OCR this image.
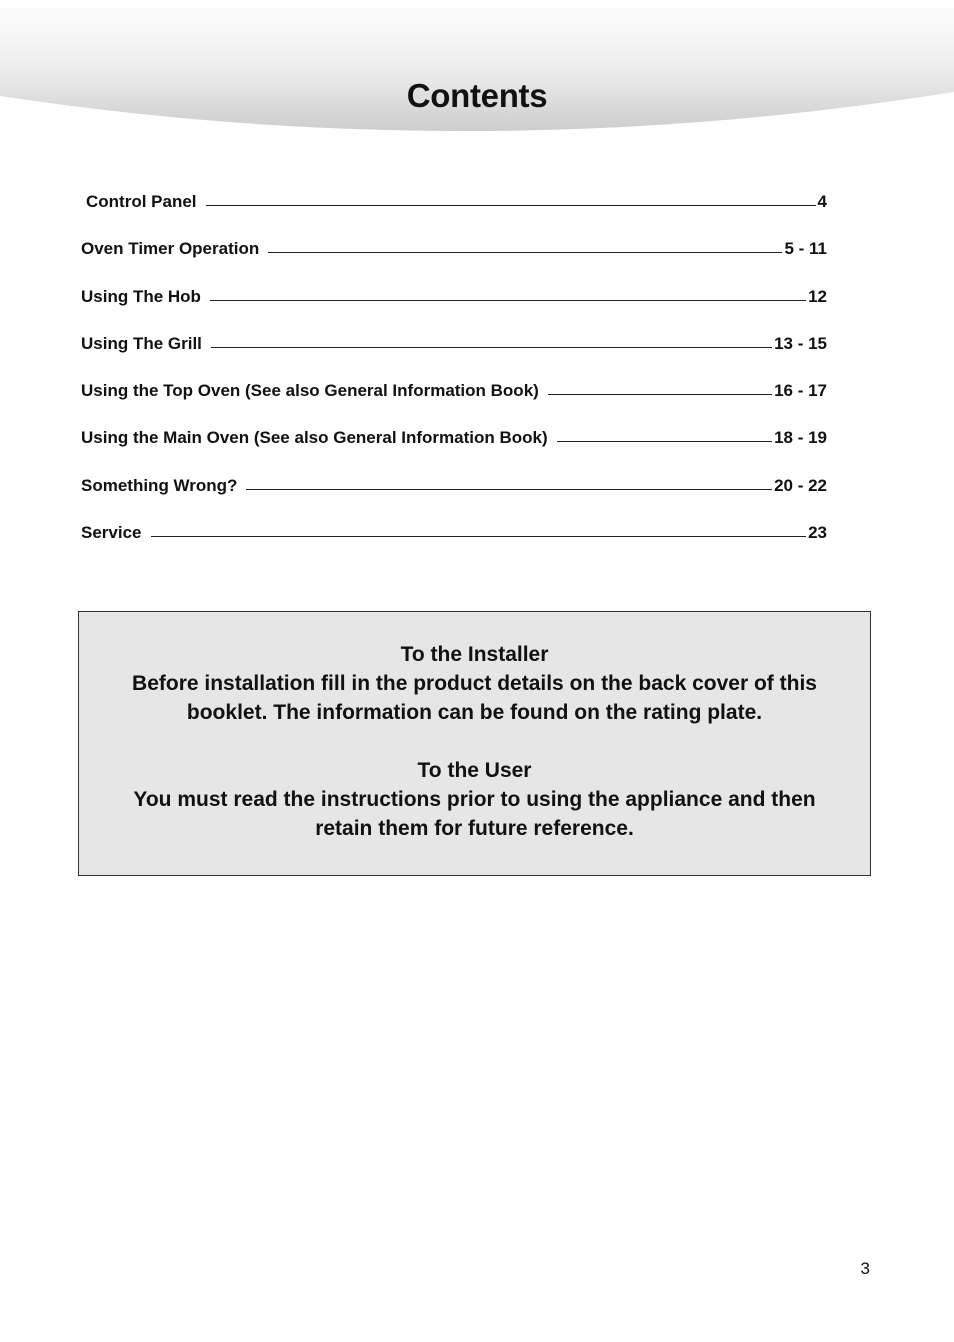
Contents
Control Panel	4
Oven Timer Operation	5 - 11
Using The Hob	12
Using The Grill	13 - 15
Using the Top Oven (See also General Information Book)	16 - 17
Using the Main Oven (See also General Information Book)	18 - 19
Something Wrong?	20 - 22
Service	23

To the Installer

Before installation fill in the product details on the back cover of this

booklet. The information can be found on the rating plate.

To the User

You must read the instructions prior to using the appliance and then

retain them for future reference.

3
